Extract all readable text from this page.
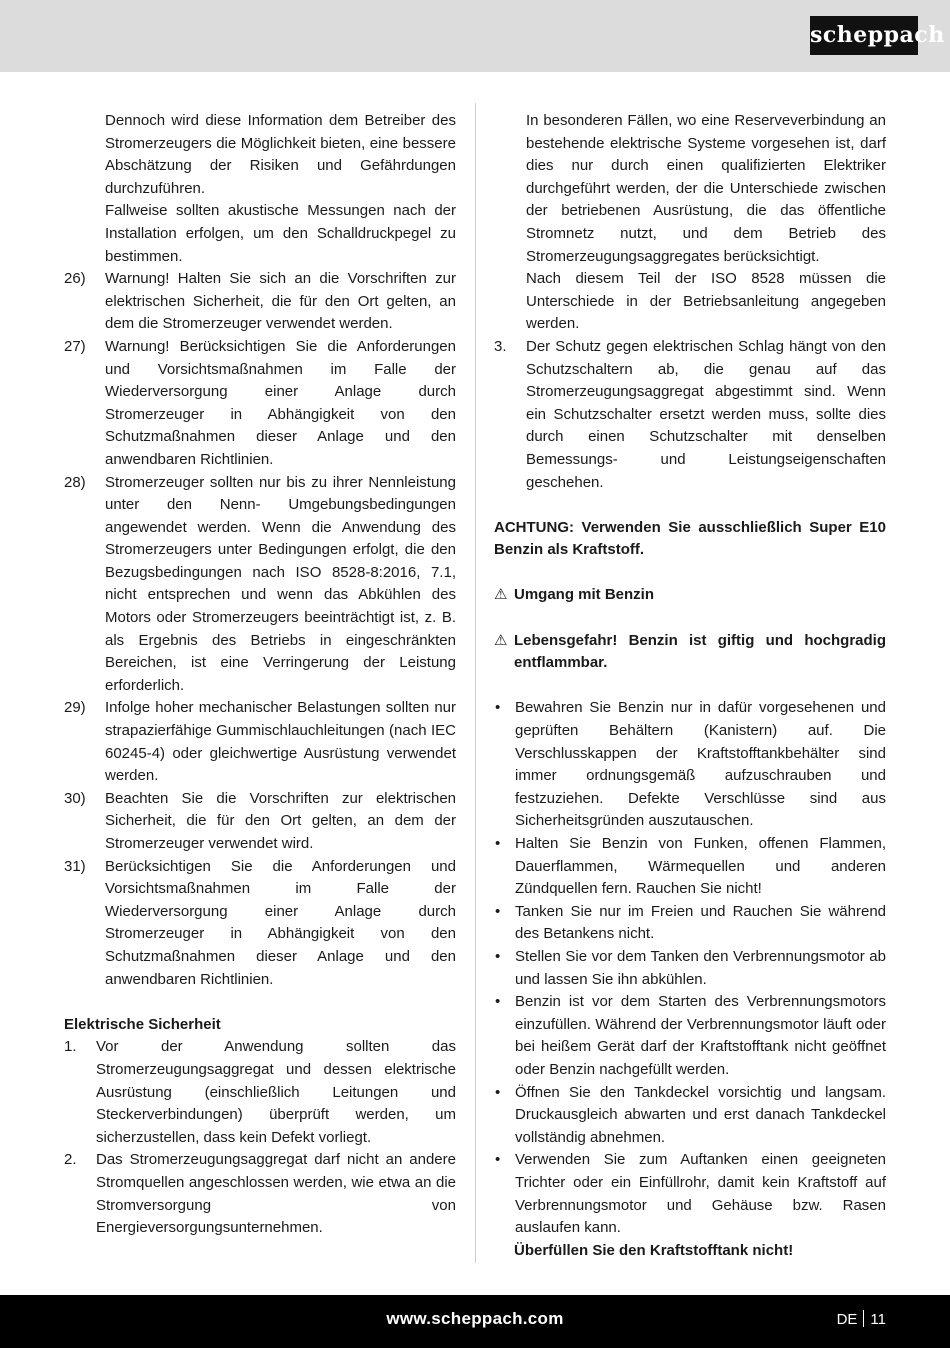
scheppach

Dennoch wird diese Information dem Betreiber des Stromerzeugers die Möglichkeit bieten, eine bessere Abschätzung der Risiken und Gefährdungen durchzuführen.

Fallweise sollten akustische Messungen nach der Installation erfolgen, um den Schalldruckpegel zu bestimmen.

26)	Warnung! Halten Sie sich an die Vorschriften zur elektrischen Sicherheit, die für den Ort gelten, an dem die Stromerzeuger verwendet werden.
27)	Warnung! Berücksichtigen Sie die Anforderungen und Vorsichtsmaßnahmen im Falle der Wiederversorgung einer Anlage durch Stromerzeuger in Abhängigkeit von den Schutzmaßnahmen dieser Anlage und den anwendbaren Richtlinien.
28)	Stromerzeuger sollten nur bis zu ihrer Nennleistung unter den Nenn- Umgebungsbedingungen angewendet werden. Wenn die Anwendung des Stromerzeugers unter Bedingungen erfolgt, die den Bezugsbedingungen nach ISO 8528-8:2016, 7.1, nicht entsprechen und wenn das Abkühlen des Motors oder Stromerzeugers beeinträchtigt ist, z. B. als Ergebnis des Betriebs in eingeschränkten Bereichen, ist eine Verringerung der Leistung erforderlich.
29)	Infolge hoher mechanischer Belastungen sollten nur strapazierfähige Gummischlauchleitungen (nach IEC 60245-4) oder gleichwertige Ausrüstung verwendet werden.
30)	Beachten Sie die Vorschriften zur elektrischen Sicherheit, die für den Ort gelten, an dem der Stromerzeuger verwendet wird.
31)	Berücksichtigen Sie die Anforderungen und Vorsichtsmaßnahmen im Falle der Wiederversorgung einer Anlage durch Stromerzeuger in Abhängigkeit von den Schutzmaßnahmen dieser Anlage und den anwendbaren Richtlinien.

Elektrische Sicherheit

1.	Vor der Anwendung sollten das Stromerzeugungsaggregat und dessen elektrische Ausrüstung (einschließlich Leitungen und Steckerverbindungen) überprüft werden, um sicherzustellen, dass kein Defekt vorliegt.
2.	Das Stromerzeugungsaggregat darf nicht an andere Stromquellen angeschlossen werden, wie etwa an die Stromversorgung von Energieversorgungsunternehmen.

In besonderen Fällen, wo eine Reserveverbindung an bestehende elektrische Systeme vorgesehen ist, darf dies nur durch einen qualifizierten Elektriker durchgeführt werden, der die Unterschiede zwischen der betriebenen Ausrüstung, die das öffentliche Stromnetz nutzt, und dem Betrieb des Stromerzeugungsaggregates berücksichtigt.

Nach diesem Teil der ISO 8528 müssen die Unterschiede in der Betriebsanleitung angegeben werden.

3.	Der Schutz gegen elektrischen Schlag hängt von den Schutzschaltern ab, die genau auf das Stromerzeugungsaggregat abgestimmt sind. Wenn ein Schutzschalter ersetzt werden muss, sollte dies durch einen Schutzschalter mit denselben Bemessungs- und Leistungseigenschaften geschehen.

ACHTUNG: Verwenden Sie ausschließlich Super E10 Benzin als Kraftstoff.

⚠ Umgang mit Benzin
⚠ Lebensgefahr! Benzin ist giftig und hochgradig entflammbar.
• Bewahren Sie Benzin nur in dafür vorgesehenen und geprüften Behältern (Kanistern) auf. Die Verschlusskappen der Kraftstofftankbehälter sind immer ordnungsgemäß aufzuschrauben und festzuziehen. Defekte Verschlüsse sind aus Sicherheitsgründen auszutauschen.
• Halten Sie Benzin von Funken, offenen Flammen, Dauerflammen, Wärmequellen und anderen Zündquellen fern. Rauchen Sie nicht!
• Tanken Sie nur im Freien und Rauchen Sie während des Betankens nicht.
• Stellen Sie vor dem Tanken den Verbrennungsmotor ab und lassen Sie ihn abkühlen.
• Benzin ist vor dem Starten des Verbrennungsmotors einzufüllen. Während der Verbrennungsmotor läuft oder bei heißem Gerät darf der Kraftstofftank nicht geöffnet oder Benzin nachgefüllt werden.
• Öffnen Sie den Tankdeckel vorsichtig und langsam. Druckausgleich abwarten und erst danach Tankdeckel vollständig abnehmen.
• Verwenden Sie zum Auftanken einen geeigneten Trichter oder ein Einfüllrohr, damit kein Kraftstoff auf Verbrennungsmotor und Gehäuse bzw. Rasen auslaufen kann.

Überfüllen Sie den Kraftstofftank nicht!

www.scheppach.com	DE 11
